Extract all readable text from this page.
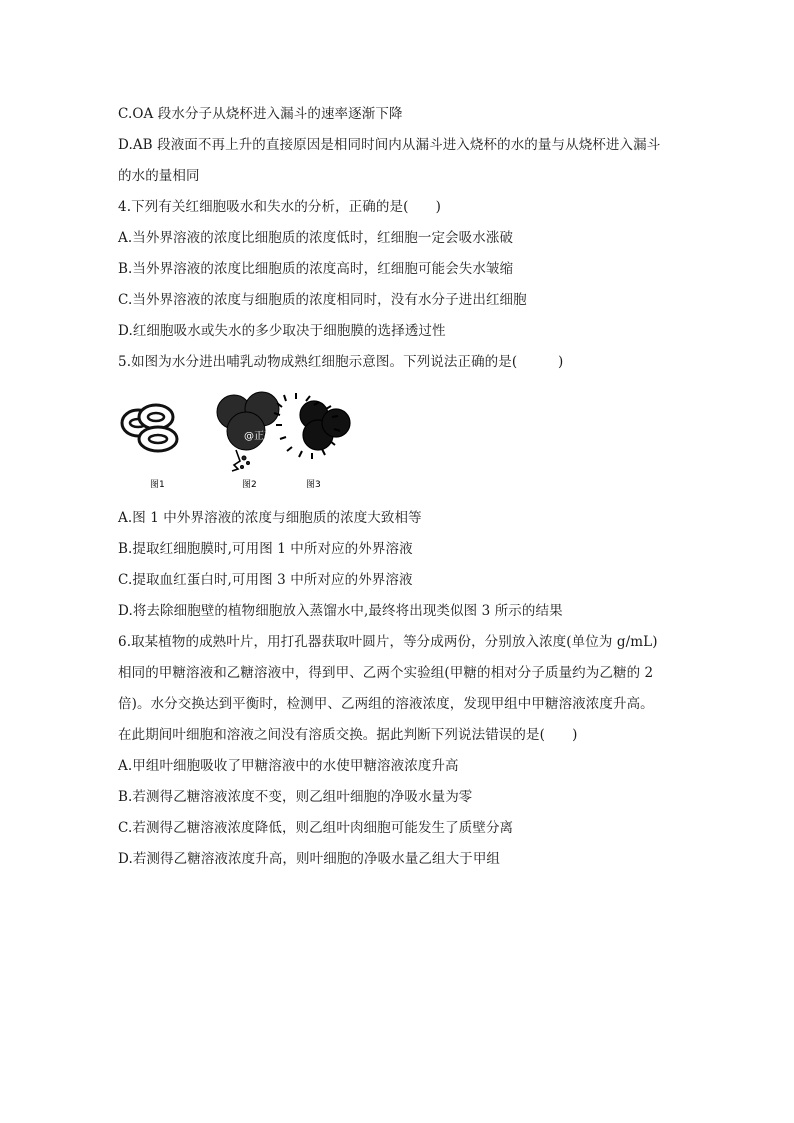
C.OA 段水分子从烧杯进入漏斗的速率逐渐下降
D.AB 段液面不再上升的直接原因是相同时间内从漏斗进入烧杯的水的量与从烧杯进入漏斗
的水的量相同
4.下列有关红细胞吸水和失水的分析，正确的是(　　)
A.当外界溶液的浓度比细胞质的浓度低时，红细胞一定会吸水涨破
B.当外界溶液的浓度比细胞质的浓度高时，红细胞可能会失水皱缩
C.当外界溶液的浓度与细胞质的浓度相同时，没有水分子进出红细胞
D.红细胞吸水或失水的多少取决于细胞膜的选择透过性
5.如图为水分进出哺乳动物成熟红细胞示意图。下列说法正确的是(　　　)
@正确云
图1	图2	图3
A.图 1 中外界溶液的浓度与细胞质的浓度大致相等
B.提取红细胞膜时,可用图 1 中所对应的外界溶液
C.提取血红蛋白时,可用图 3 中所对应的外界溶液
D.将去除细胞壁的植物细胞放入蒸馏水中,最终将出现类似图 3 所示的结果
6.取某植物的成熟叶片，用打孔器获取叶圆片，等分成两份，分别放入浓度(单位为 g/mL)
相同的甲糖溶液和乙糖溶液中，得到甲、乙两个实验组(甲糖的相对分子质量约为乙糖的 2
倍)。水分交换达到平衡时，检测甲、乙两组的溶液浓度，发现甲组中甲糖溶液浓度升高。
在此期间叶细胞和溶液之间没有溶质交换。据此判断下列说法错误的是(　　)
A.甲组叶细胞吸收了甲糖溶液中的水使甲糖溶液浓度升高
B.若测得乙糖溶液浓度不变，则乙组叶细胞的净吸水量为零
C.若测得乙糖溶液浓度降低，则乙组叶肉细胞可能发生了质壁分离
D.若测得乙糖溶液浓度升高，则叶细胞的净吸水量乙组大于甲组
